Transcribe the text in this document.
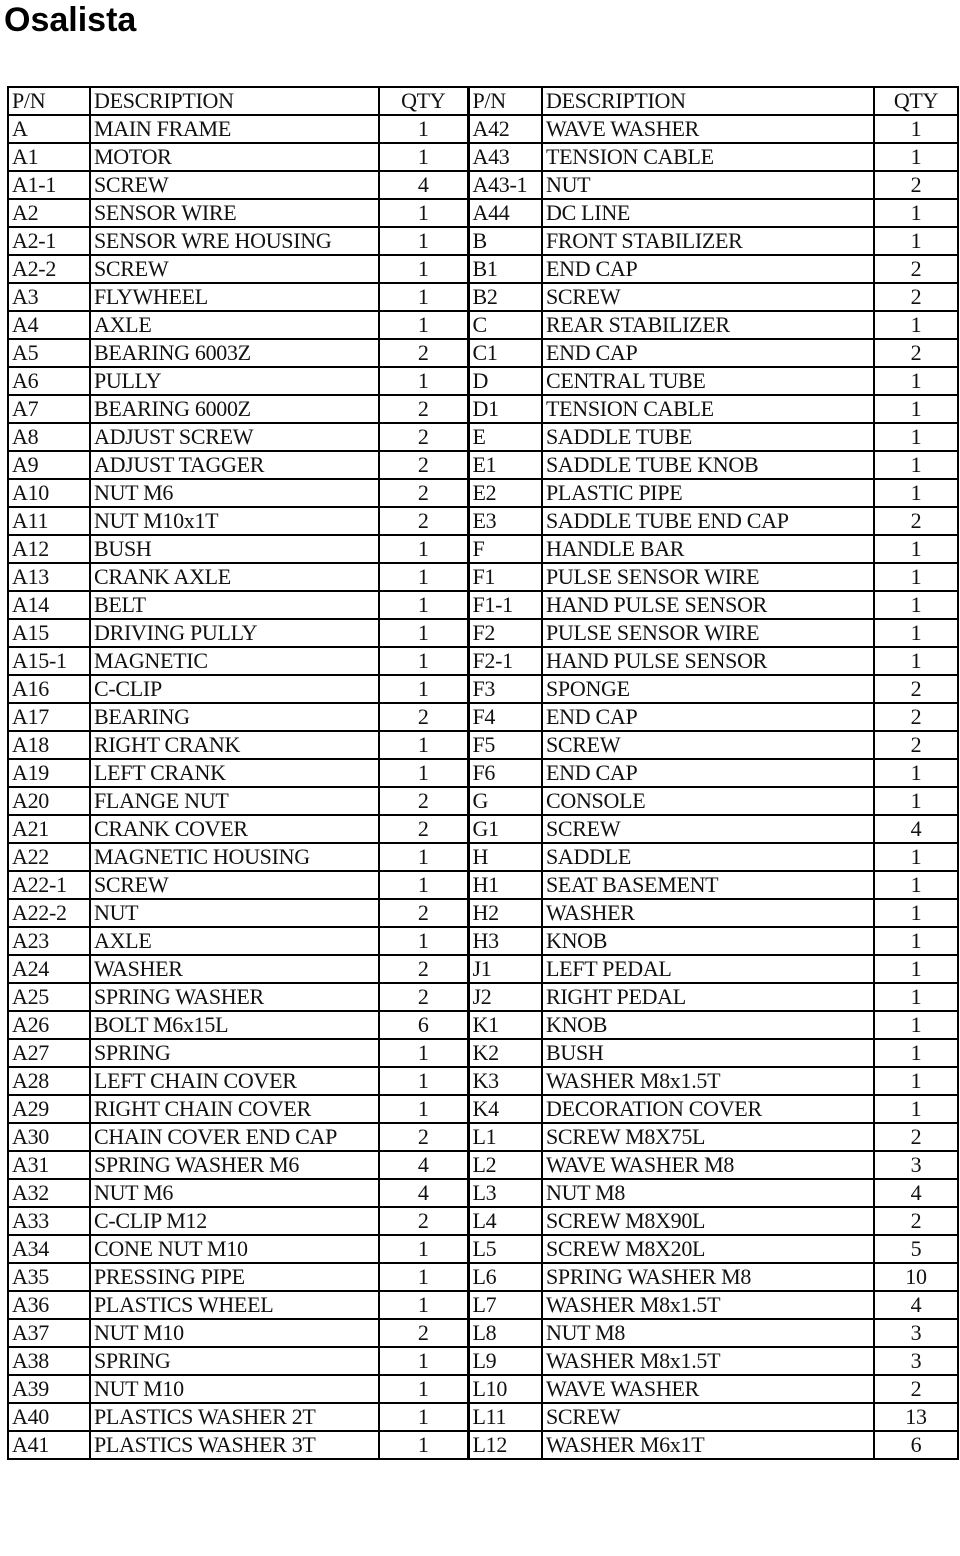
Osalista
P/N	DESCRIPTION	QTY	P/N	DESCRIPTION	QTY
A	MAIN FRAME	1	A42	WAVE WASHER	1
A1	MOTOR	1	A43	TENSION CABLE	1
A1-1	SCREW	4	A43-1	NUT	2
A2	SENSOR WIRE	1	A44	DC LINE	1
A2-1	SENSOR WRE HOUSING	1	B	FRONT STABILIZER	1
A2-2	SCREW	1	B1	END CAP	2
A3	FLYWHEEL	1	B2	SCREW	2
A4	AXLE	1	C	REAR STABILIZER	1
A5	BEARING 6003Z	2	C1	END CAP	2
A6	PULLY	1	D	CENTRAL TUBE	1
A7	BEARING 6000Z	2	D1	TENSION CABLE	1
A8	ADJUST SCREW	2	E	SADDLE TUBE	1
A9	ADJUST TAGGER	2	E1	SADDLE TUBE KNOB	1
A10	NUT M6	2	E2	PLASTIC PIPE	1
A11	NUT M10x1T	2	E3	SADDLE TUBE END CAP	2
A12	BUSH	1	F	HANDLE BAR	1
A13	CRANK AXLE	1	F1	PULSE SENSOR WIRE	1
A14	BELT	1	F1-1	HAND PULSE SENSOR	1
A15	DRIVING PULLY	1	F2	PULSE SENSOR WIRE	1
A15-1	MAGNETIC	1	F2-1	HAND PULSE SENSOR	1
A16	C-CLIP	1	F3	SPONGE	2
A17	BEARING	2	F4	END CAP	2
A18	RIGHT CRANK	1	F5	SCREW	2
A19	LEFT CRANK	1	F6	END CAP	1
A20	FLANGE NUT	2	G	CONSOLE	1
A21	CRANK COVER	2	G1	SCREW	4
A22	MAGNETIC HOUSING	1	H	SADDLE	1
A22-1	SCREW	1	H1	SEAT BASEMENT	1
A22-2	NUT	2	H2	WASHER	1
A23	AXLE	1	H3	KNOB	1
A24	WASHER	2	J1	LEFT PEDAL	1
A25	SPRING WASHER	2	J2	RIGHT PEDAL	1
A26	BOLT M6x15L	6	K1	KNOB	1
A27	SPRING	1	K2	BUSH	1
A28	LEFT CHAIN COVER	1	K3	WASHER M8x1.5T	1
A29	RIGHT CHAIN COVER	1	K4	DECORATION COVER	1
A30	CHAIN COVER END CAP	2	L1	SCREW M8X75L	2
A31	SPRING WASHER M6	4	L2	WAVE WASHER M8	3
A32	NUT M6	4	L3	NUT M8	4
A33	C-CLIP M12	2	L4	SCREW M8X90L	2
A34	CONE NUT M10	1	L5	SCREW M8X20L	5
A35	PRESSING PIPE	1	L6	SPRING WASHER M8	10
A36	PLASTICS WHEEL	1	L7	WASHER M8x1.5T	4
A37	NUT M10	2	L8	NUT M8	3
A38	SPRING	1	L9	WASHER M8x1.5T	3
A39	NUT M10	1	L10	WAVE WASHER	2
A40	PLASTICS WASHER 2T	1	L11	SCREW	13
A41	PLASTICS WASHER 3T	1	L12	WASHER M6x1T	6
